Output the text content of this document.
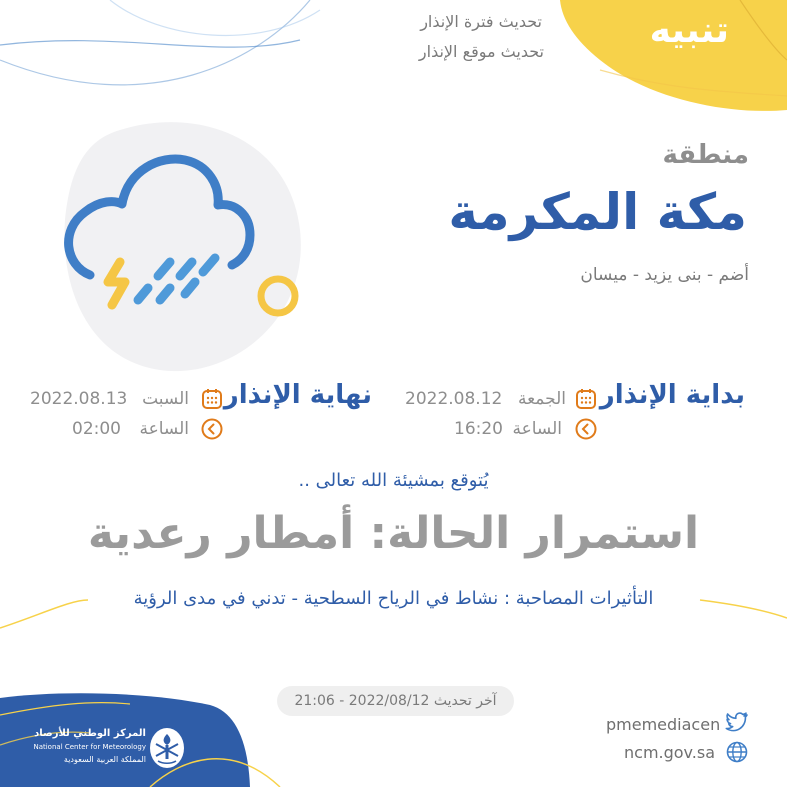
تنبيه
تحديث فترة الإنذار
تحديث موقع الإنذار
منطقة
مكة المكرمة
أضم - بنى يزيد - ميسان
بداية الإنذار
الجمعة
2022.08.12
الساعة
16:20
نهاية الإنذار
السبت
2022.08.13
الساعة
02:00
يُتوقع بمشيئة الله تعالى ..
استمرار الحالة: أمطار رعدية
التأثيرات المصاحبة : نشاط في الرياح السطحية - تدني في مدى الرؤية
آخر تحديث 2022/08/12 - 21:06
pmemediacen
ncm.gov.sa
المركز الوطني للأرصاد
National Center for Meteorology
المملكة العربية السعودية
